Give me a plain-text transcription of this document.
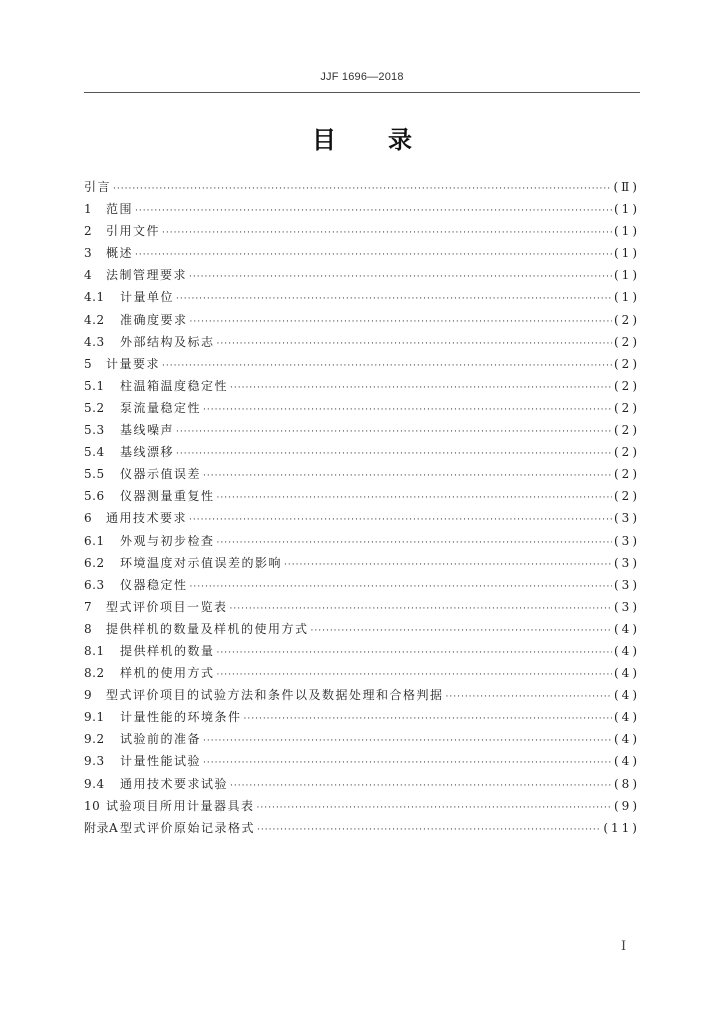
JJF 1696—2018
目 录
引言 ·····	(Ⅱ)
1	范围 ·····	(1)
2	引用文件 ·····	(1)
3	概述 ·····	(1)
4	法制管理要求 ·····	(1)
4.1	计量单位 ·····	(1)
4.2	准确度要求 ·····	(2)
4.3	外部结构及标志 ·····	(2)
5	计量要求 ·····	(2)
5.1	柱温箱温度稳定性 ·····	(2)
5.2	泵流量稳定性 ·····	(2)
5.3	基线噪声 ·····	(2)
5.4	基线漂移 ·····	(2)
5.5	仪器示值误差 ·····	(2)
5.6	仪器测量重复性 ·····	(2)
6	通用技术要求 ·····	(3)
6.1	外观与初步检查 ·····	(3)
6.2	环境温度对示值误差的影响 ·····	(3)
6.3	仪器稳定性 ·····	(3)
7	型式评价项目一览表 ·····	(3)
8	提供样机的数量及样机的使用方式 ·····	(4)
8.1	提供样机的数量 ·····	(4)
8.2	样机的使用方式 ·····	(4)
9	型式评价项目的试验方法和条件以及数据处理和合格判据 ·····	(4)
9.1	计量性能的环境条件 ·····	(4)
9.2	试验前的准备 ·····	(4)
9.3	计量性能试验 ·····	(4)
9.4	通用技术要求试验 ·····	(8)
10 试验项目所用计量器具表 ·····	(9)
附录A 型式评价原始记录格式 ·····	(11)
I
